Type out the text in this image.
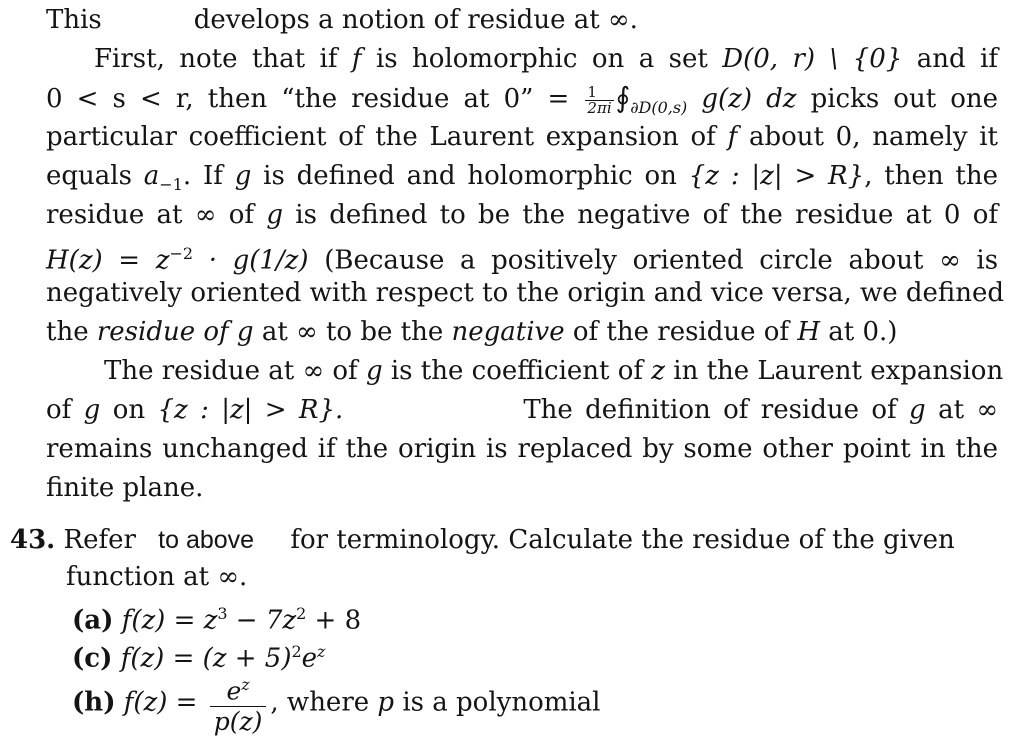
This	develops a notion of residue at ∞.

First, note that if f is holomorphic on a set D(0, r) \ {0} and if

0 < s < r, then “the residue at 0” = $\frac{1}{2\pi i}$ $∮_{\partial D(0,s)}$ g(z) dz picks out one

particular coefficient of the Laurent expansion of f about 0, namely it

equals $a_{-1}$. If g is defined and holomorphic on {z : |z| > R}, then the

residue at ∞ of g is defined to be the negative of the residue at 0 of

$H(z) = z^{-2} \cdot g(1/z)$ (Because a positively oriented circle about ∞ is

negatively oriented with respect to the origin and vice versa, we defined

the residue of g at ∞ to be the negative of the residue of H at 0.)

The residue at ∞ of g is the coefficient of z in the Laurent expansion

of g on {z : |z| > R}.	The definition of residue of g at ∞

remains unchanged if the origin is replaced by some other point in the

finite plane.

43. Refer to above for terminology. Calculate the residue of the given

function at ∞.

(a) $f(z) = z^3 - 7z^2 + 8$

(c) $f(z) = (z + 5)^2e^z$

(h) $f(z) = \frac{e^z}{p(z)}$ , where p is a polynomial
